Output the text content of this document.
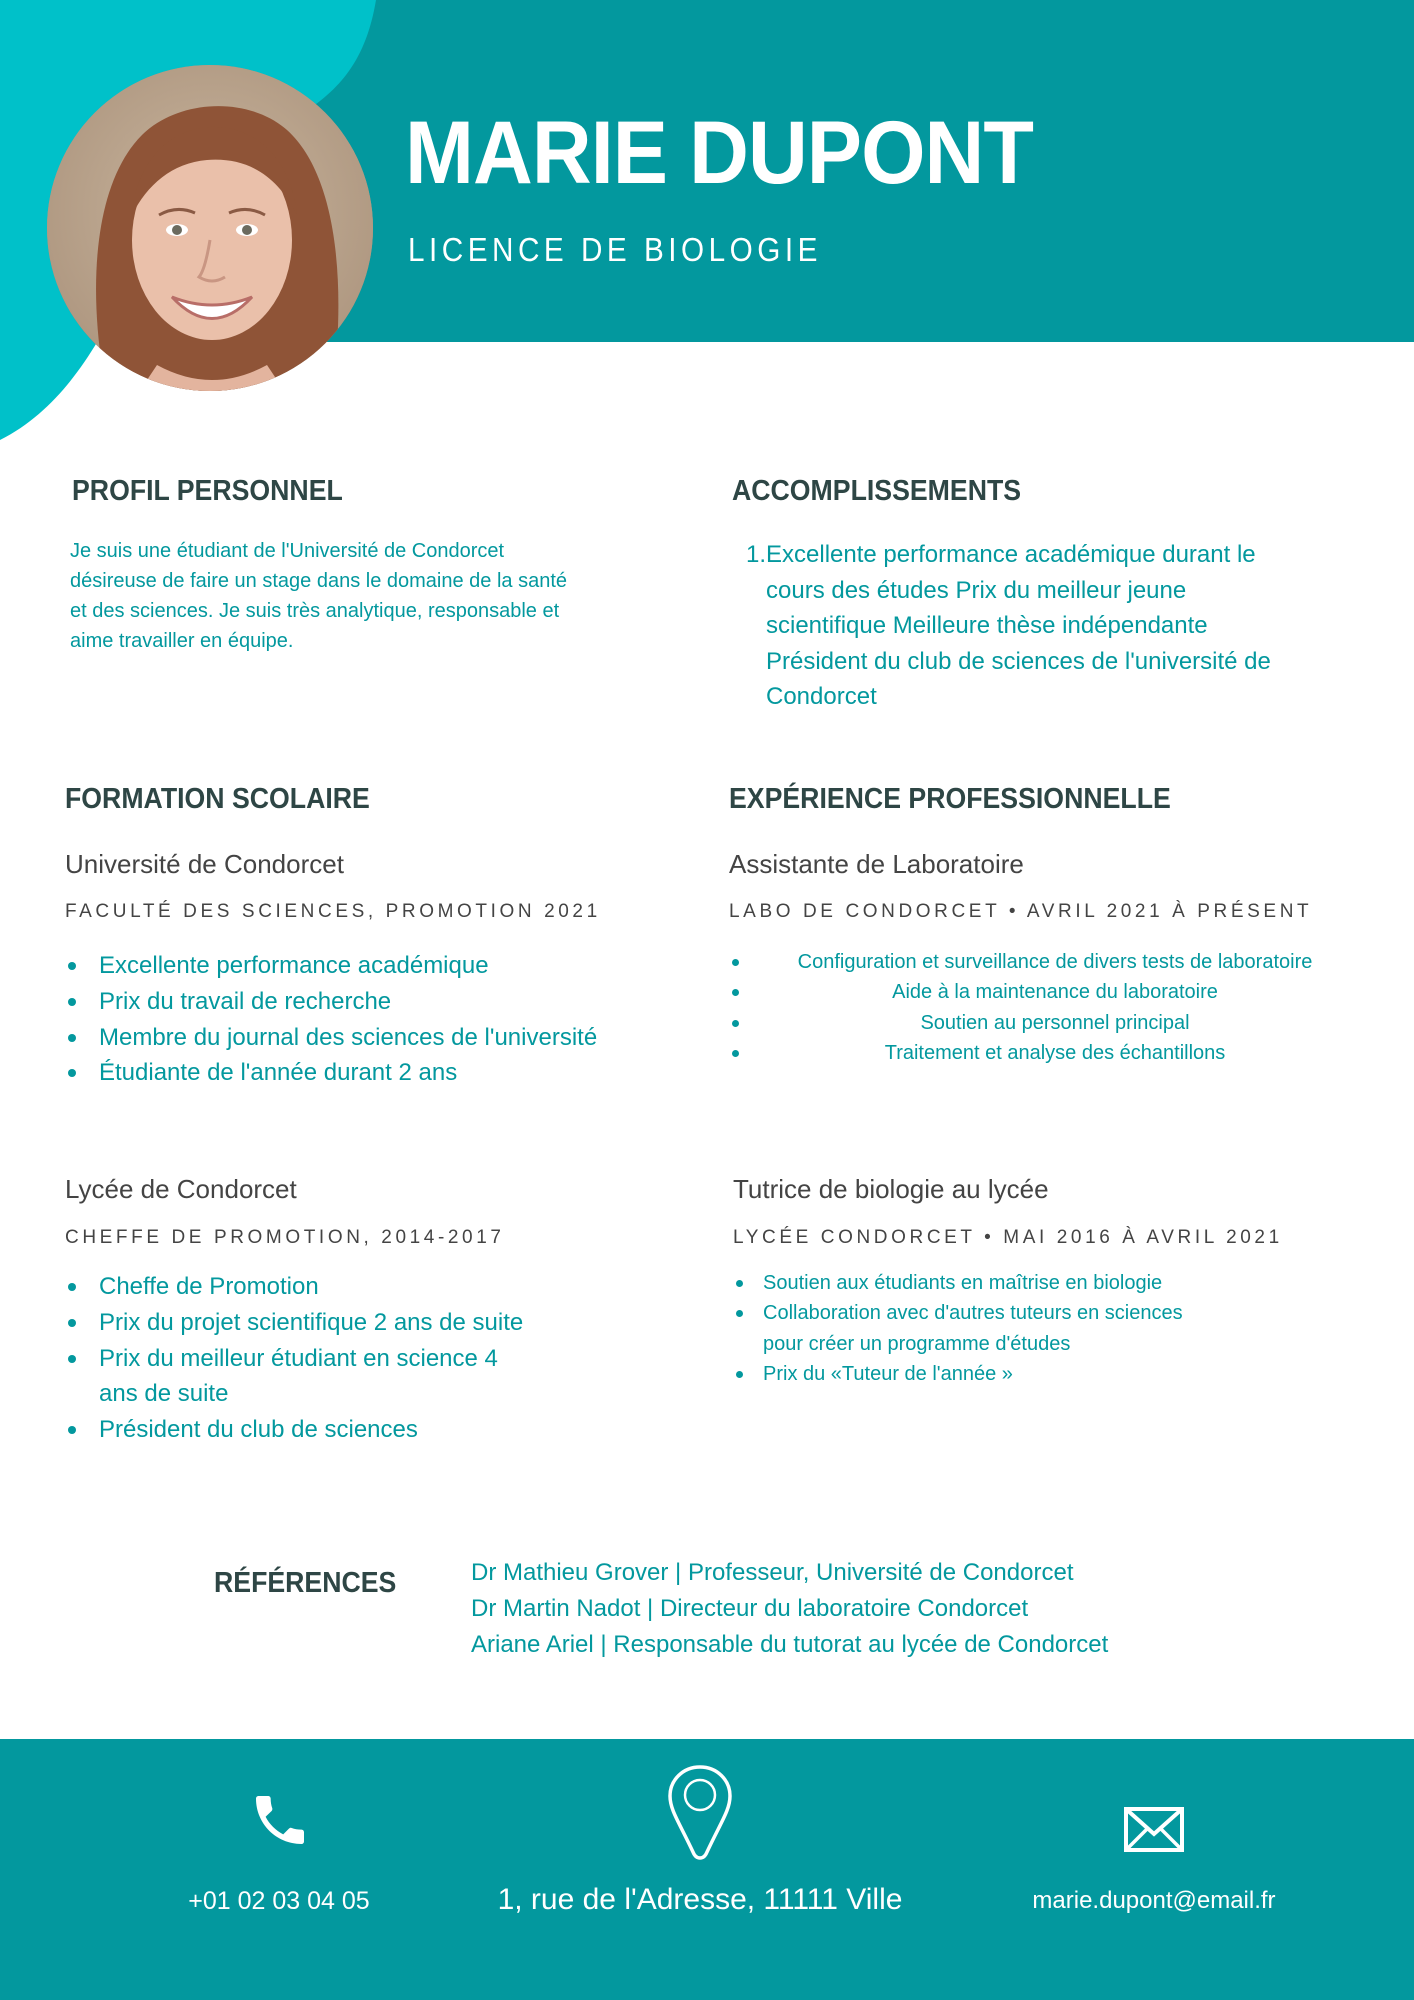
MARIE DUPONT
LICENCE DE BIOLOGIE
PROFIL PERSONNEL

Je suis une étudiant de l'Université de Condorcet désireuse de faire un stage dans le domaine de la santé et des sciences. Je suis très analytique, responsable et aime travailler en équipe.

ACCOMPLISSEMENTS
1. Excellente performance académique durant le cours des études Prix du meilleur jeune scientifique Meilleure thèse indépendante Président du club de sciences de l'université de Condorcet
FORMATION SCOLAIRE
Université de Condorcet
FACULTÉ DES SCIENCES, PROMOTION 2021
Excellente performance académique
Prix du travail de recherche
Membre du journal des sciences de l'université
Étudiante de l'année durant 2 ans
Lycée de Condorcet
CHEFFE DE PROMOTION, 2014-2017
Cheffe de Promotion
Prix du projet scientifique 2 ans de suite
Prix du meilleur étudiant en science 4 ans de suite
Président du club de sciences
EXPÉRIENCE PROFESSIONNELLE
Assistante de Laboratoire
LABO DE CONDORCET • AVRIL 2021 À PRÉSENT
Configuration et surveillance de divers tests de laboratoire
Aide à la maintenance du laboratoire
Soutien au personnel principal
Traitement et analyse des échantillons
Tutrice de biologie au lycée
LYCÉE CONDORCET • MAI 2016 À AVRIL 2021
Soutien aux étudiants en maîtrise en biologie
Collaboration avec d'autres tuteurs en sciences pour créer un programme d'études
Prix du «Tuteur de l'année »
RÉFÉRENCES	Dr Mathieu Grover | Professeur, Université de Condorcet
Dr Martin Nadot | Directeur du laboratoire Condorcet
Ariane Ariel | Responsable du tutorat au lycée de Condorcet
+01 02 03 04 05	1, rue de l'Adresse, 11111 Ville	marie.dupont@email.fr
